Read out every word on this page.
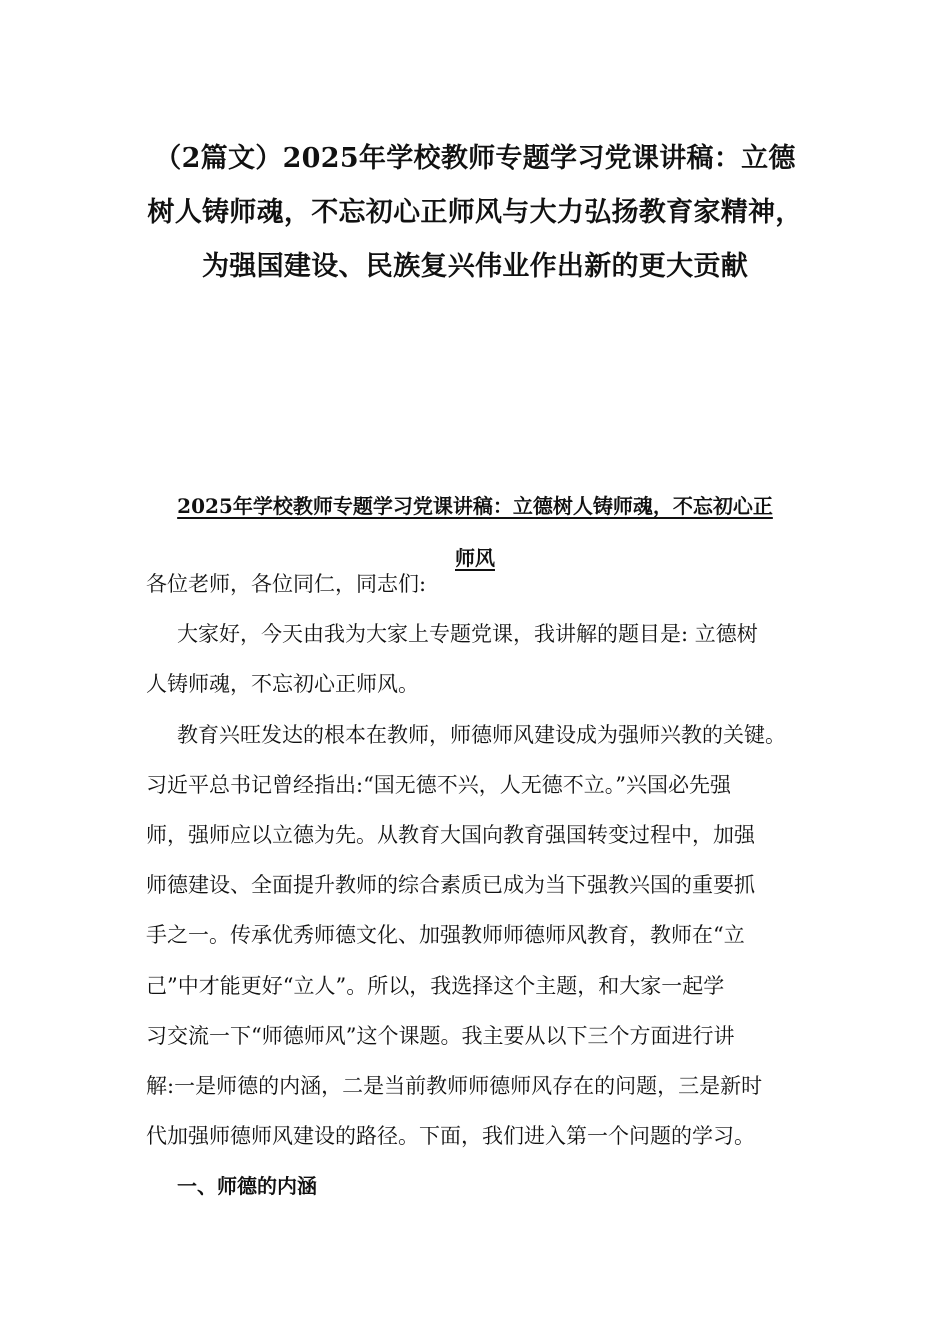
（2篇文）2025年学校教师专题学习党课讲稿：立德
树人铸师魂，不忘初心正师风与大力弘扬教育家精神，
为强国建设、民族复兴伟业作出新的更大贡献
2025年学校教师专题学习党课讲稿：立德树人铸师魂，不忘初心正
师风
各位老师，各位同仁，同志们:
大家好，今天由我为大家上专题党课，我讲解的题目是: 立德树
人铸师魂，不忘初心正师风。
教育兴旺发达的根本在教师，师德师风建设成为强师兴教的关键。
习近平总书记曾经指出:“国无德不兴，人无德不立。”兴国必先强
师，强师应以立德为先。从教育大国向教育强国转变过程中，加强
师德建设、全面提升教师的综合素质已成为当下强教兴国的重要抓
手之一。传承优秀师德文化、加强教师师德师风教育，教师在“立
己”中才能更好“立人”。所以，我选择这个主题，和大家一起学
习交流一下“师德师风”这个课题。我主要从以下三个方面进行讲
解:一是师德的内涵，二是当前教师师德师风存在的问题，三是新时
代加强师德师风建设的路径。下面，我们进入第一个问题的学习。
一、师德的内涵
